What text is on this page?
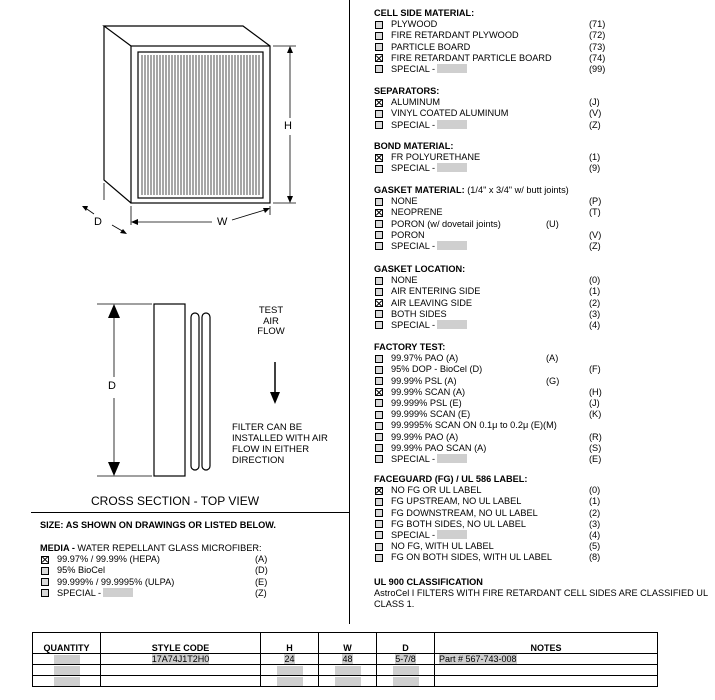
H
W
D
D
TEST
AIR
FLOW
FILTER CAN BE
INSTALLED WITH AIR
FLOW IN EITHER
DIRECTION
CROSS SECTION - TOP VIEW
SIZE: AS SHOWN ON DRAWINGS OR LISTED BELOW.
MEDIA - WATER REPELLANT GLASS MICROFIBER:
99.97% / 99.99% (HEPA)	(A)
95% BioCel	(D)
99.999% / 99.9995% (ULPA)	(E)
SPECIAL -	(Z)
CELL SIDE MATERIAL:
PLYWOOD	(71)
FIRE RETARDANT PLYWOOD	(72)
PARTICLE BOARD	(73)
FIRE RETARDANT PARTICLE BOARD	(74)
SPECIAL -	(99)
SEPARATORS:
ALUMINUM	(J)
VINYL COATED ALUMINUM	(V)
SPECIAL -	(Z)
BOND MATERIAL:
FR POLYURETHANE	(1)
SPECIAL -	(9)
GASKET MATERIAL: (1/4" x 3/4" w/ butt joints)
NONE	(P)
NEOPRENE	(T)
PORON (w/ dovetail joints)	(U)
PORON	(V)
SPECIAL -	(Z)
GASKET LOCATION:
NONE	(0)
AIR ENTERING SIDE	(1)
AIR LEAVING SIDE	(2)
BOTH SIDES	(3)
SPECIAL -	(4)
FACTORY TEST:
99.97% PAO (A)	(A)
95% DOP - BioCel (D)	(F)
99.99% PSL (A)	(G)
99.99% SCAN (A)	(H)
99.999% PSL (E)	(J)
99.999% SCAN (E)	(K)
99.9995% SCAN ON 0.1μ to 0.2μ (E)(M)
99.99% PAO (A)	(R)
99.99% PAO SCAN (A)	(S)
SPECIAL -	(E)
FACEGUARD (FG) / UL 586 LABEL:
NO FG OR UL LABEL	(0)
FG UPSTREAM, NO UL LABEL	(1)
FG DOWNSTREAM, NO UL LABEL	(2)
FG BOTH SIDES, NO UL LABEL	(3)
SPECIAL -	(4)
NO FG, WITH UL LABEL	(5)
FG ON BOTH SIDES, WITH UL LABEL	(8)
UL 900 CLASSIFICATION
AstroCel I FILTERS WITH FIRE RETARDANT CELL SIDES ARE CLASSIFIED UL CLASS 1.
QUANTITY	STYLE CODE	H	W	D	NOTES
	17A74J1T2H0	24	48	5-7/8	Part # 567-743-008
